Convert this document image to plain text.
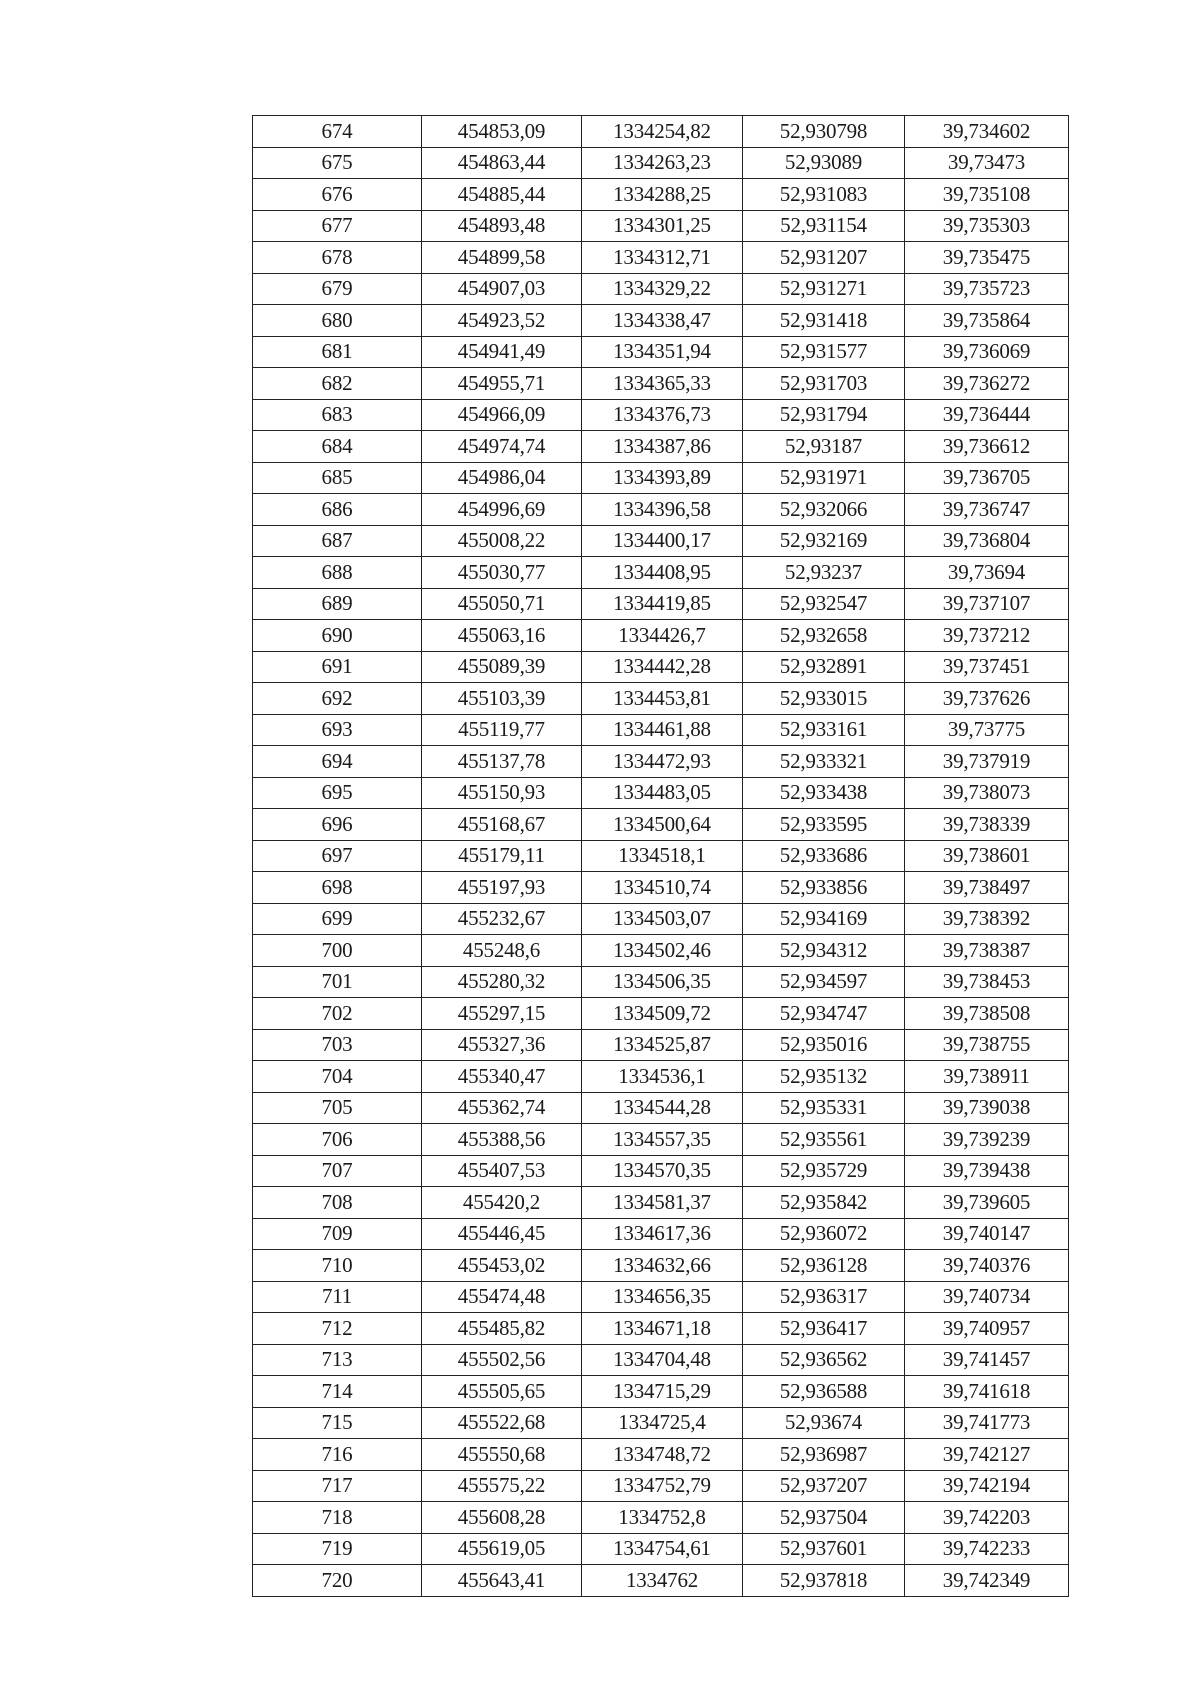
674	454853,09	1334254,82	52,930798	39,734602
675	454863,44	1334263,23	52,93089	39,73473
676	454885,44	1334288,25	52,931083	39,735108
677	454893,48	1334301,25	52,931154	39,735303
678	454899,58	1334312,71	52,931207	39,735475
679	454907,03	1334329,22	52,931271	39,735723
680	454923,52	1334338,47	52,931418	39,735864
681	454941,49	1334351,94	52,931577	39,736069
682	454955,71	1334365,33	52,931703	39,736272
683	454966,09	1334376,73	52,931794	39,736444
684	454974,74	1334387,86	52,93187	39,736612
685	454986,04	1334393,89	52,931971	39,736705
686	454996,69	1334396,58	52,932066	39,736747
687	455008,22	1334400,17	52,932169	39,736804
688	455030,77	1334408,95	52,93237	39,73694
689	455050,71	1334419,85	52,932547	39,737107
690	455063,16	1334426,7	52,932658	39,737212
691	455089,39	1334442,28	52,932891	39,737451
692	455103,39	1334453,81	52,933015	39,737626
693	455119,77	1334461,88	52,933161	39,73775
694	455137,78	1334472,93	52,933321	39,737919
695	455150,93	1334483,05	52,933438	39,738073
696	455168,67	1334500,64	52,933595	39,738339
697	455179,11	1334518,1	52,933686	39,738601
698	455197,93	1334510,74	52,933856	39,738497
699	455232,67	1334503,07	52,934169	39,738392
700	455248,6	1334502,46	52,934312	39,738387
701	455280,32	1334506,35	52,934597	39,738453
702	455297,15	1334509,72	52,934747	39,738508
703	455327,36	1334525,87	52,935016	39,738755
704	455340,47	1334536,1	52,935132	39,738911
705	455362,74	1334544,28	52,935331	39,739038
706	455388,56	1334557,35	52,935561	39,739239
707	455407,53	1334570,35	52,935729	39,739438
708	455420,2	1334581,37	52,935842	39,739605
709	455446,45	1334617,36	52,936072	39,740147
710	455453,02	1334632,66	52,936128	39,740376
711	455474,48	1334656,35	52,936317	39,740734
712	455485,82	1334671,18	52,936417	39,740957
713	455502,56	1334704,48	52,936562	39,741457
714	455505,65	1334715,29	52,936588	39,741618
715	455522,68	1334725,4	52,93674	39,741773
716	455550,68	1334748,72	52,936987	39,742127
717	455575,22	1334752,79	52,937207	39,742194
718	455608,28	1334752,8	52,937504	39,742203
719	455619,05	1334754,61	52,937601	39,742233
720	455643,41	1334762	52,937818	39,742349
